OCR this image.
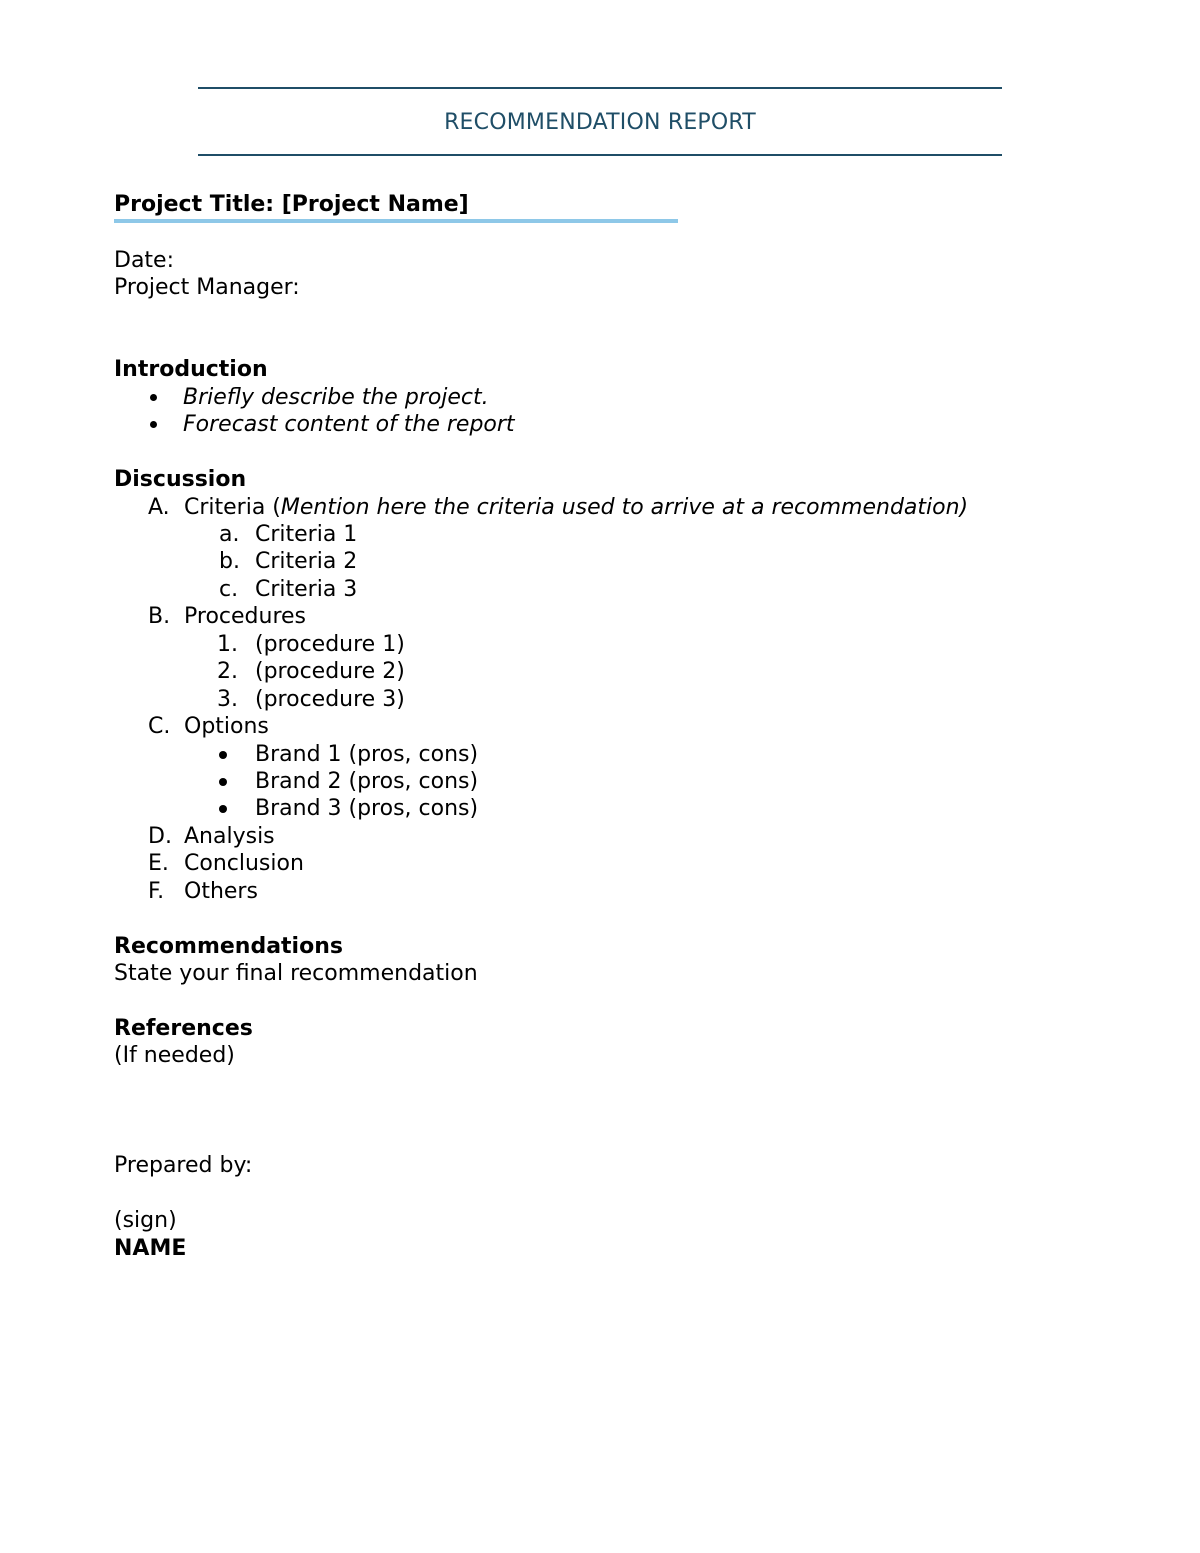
RECOMMENDATION REPORT
Project Title: [Project Name]
Date:
Project Manager:
Introduction
Briefly describe the project.
Forecast content of the report
Discussion
A. Criteria (Mention here the criteria used to arrive at a recommendation)
a. Criteria 1
b. Criteria 2
c. Criteria 3
B. Procedures
1. (procedure 1)
2. (procedure 2)
3. (procedure 3)
C. Options
Brand 1 (pros, cons)
Brand 2 (pros, cons)
Brand 3 (pros, cons)
D. Analysis
E. Conclusion
F. Others
Recommendations
State your final recommendation
References
(If needed)
Prepared by:
(sign)
NAME
